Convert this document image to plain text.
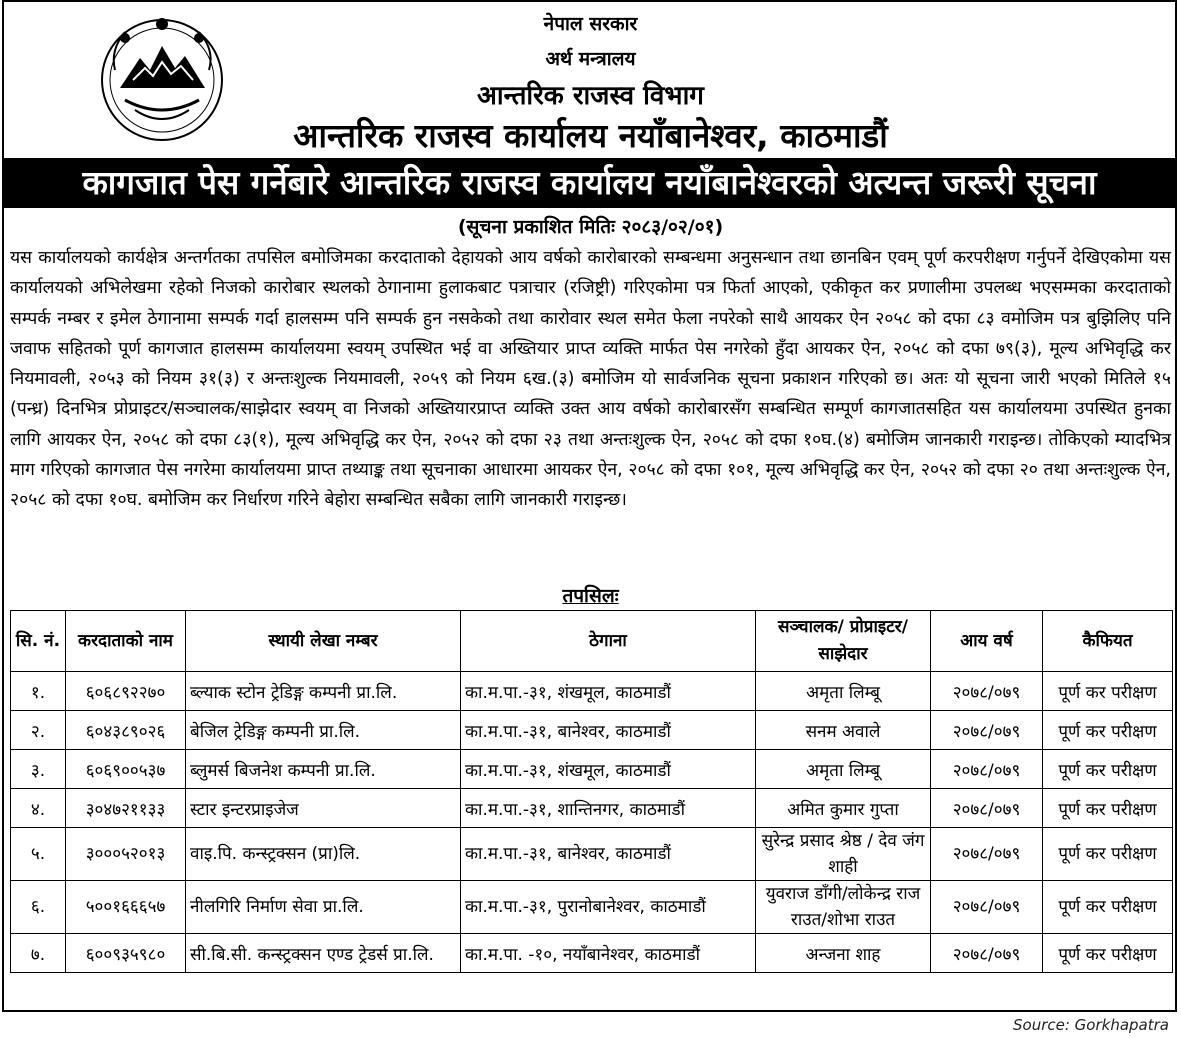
नेपाल सरकार
अर्थ मन्त्रालय
आन्तरिक राजस्व विभाग
आन्तरिक राजस्व कार्यालय नयाँबानेश्वर, काठमाडौं
कागजात पेस गर्नेबारे आन्तरिक राजस्व कार्यालय नयाँबानेश्वरको अत्यन्त जरूरी सूचना
(सूचना प्रकाशित मितिः २०८३/०२/०१)
यस कार्यालयको कार्यक्षेत्र अन्तर्गतका तपसिल बमोजिमका करदाताको देहायको आय वर्षको कारोबारको सम्बन्धमा अनुसन्धान तथा छानबिन एवम् पूर्ण करपरीक्षण गर्नुपर्ने देखिएकोमा यस कार्यालयको अभिलेखमा रहेको निजको कारोबार स्थलको ठेगानामा हुलाकबाट पत्राचार (रजिष्ट्री) गरिएकोमा पत्र फिर्ता आएको, एकीकृत कर प्रणालीमा उपलब्ध भएसम्मका करदाताको सम्पर्क नम्बर र इमेल ठेगानामा सम्पर्क गर्दा हालसम्म पनि सम्पर्क हुन नसकेको तथा कारोवार स्थल समेत फेला नपरेको साथै आयकर ऐन २०५८ को दफा ८३ वमोजिम पत्र बुझिलिए पनि जवाफ सहितको पूर्ण कागजात हालसम्म कार्यालयमा स्वयम् उपस्थित भई वा अख्तियार प्राप्त व्यक्ति मार्फत पेस नगरेको हुँदा आयकर ऐन, २०५८ को दफा ७९(३), मूल्य अभिवृद्धि कर नियमावली, २०५३ को नियम ३१(३) र अन्तःशुल्क नियमावली, २०५९ को नियम ६ख.(३) बमोजिम यो सार्वजनिक सूचना प्रकाशन गरिएको छ। अतः यो सूचना जारी भएको मितिले १५ (पन्ध्र) दिनभित्र प्रोप्राइटर/सञ्चालक/साझेदार स्वयम् वा निजको अख्तियारप्राप्त व्यक्ति उक्त आय वर्षको कारोबारसँग सम्बन्धित सम्पूर्ण कागजातसहित यस कार्यालयमा उपस्थित हुनका लागि आयकर ऐन, २०५८ को दफा ८३(१), मूल्य अभिवृद्धि कर ऐन, २०५२ को दफा २३ तथा अन्तःशुल्क ऐन, २०५८ को दफा १०घ.(४) बमोजिम जानकारी गराइन्छ। तोकिएको म्यादभित्र माग गरिएको कागजात पेस नगरेमा कार्यालयमा प्राप्त तथ्याङ्क तथा सूचनाका आधारमा आयकर ऐन, २०५८ को दफा १०१, मूल्य अभिवृद्धि कर ऐन, २०५२ को दफा २० तथा अन्तःशुल्क ऐन, २०५८ को दफा १०घ. बमोजिम कर निर्धारण गरिने बेहोरा सम्बन्धित सबैका लागि जानकारी गराइन्छ।
तपसिलः
सि. नं.	करदाताको नाम	स्थायी लेखा नम्बर	ठेगाना	सञ्चालक/ प्रोप्राइटर/ साझेदार	आय वर्ष	कैफियत
१.	६०६८९२२७०	ब्ल्याक स्टोन ट्रेडिङ्ग कम्पनी प्रा.लि.	का.म.पा.-३१, शंखमूल, काठमाडौं	अमृता लिम्बू	२०७८/०७९	पूर्ण कर परीक्षण
२.	६०४३८९०२६	बेजिल ट्रेडिङ्ग कम्पनी प्रा.लि.	का.म.पा.-३१, बानेश्वर, काठमाडौं	सनम अवाले	२०७८/०७९	पूर्ण कर परीक्षण
३.	६०६९००५३७	ब्लुमर्स बिजनेश कम्पनी प्रा.लि.	का.म.पा.-३१, शंखमूल, काठमाडौं	अमृता लिम्बू	२०७८/०७९	पूर्ण कर परीक्षण
४.	३०४७२११३३	स्टार इन्टरप्राइजेज	का.म.पा.-३१, शान्तिनगर, काठमाडौं	अमित कुमार गुप्ता	२०७८/०७९	पूर्ण कर परीक्षण
५.	३०००५२०१३	वाइ.पि. कन्स्ट्रक्सन (प्रा)लि.	का.म.पा.-३१, बानेश्वर, काठमाडौं	सुरेन्द्र प्रसाद श्रेष्ठ / देव जंग शाही	२०७८/०७९	पूर्ण कर परीक्षण
६.	५००१६६६५७	नीलगिरि निर्माण सेवा प्रा.लि.	का.म.पा.-३१, पुरानोबानेश्वर, काठमाडौं	युवराज डाँगी/लोकेन्द्र राज राउत/शोभा राउत	२०७८/०७९	पूर्ण कर परीक्षण
७.	६००९३५९८०	सी.बि.सी. कन्स्ट्रक्सन एण्ड ट्रेडर्स प्रा.लि.	का.म.पा. -१०, नयाँबानेश्वर, काठमाडौं	अन्जना शाह	२०७८/०७९	पूर्ण कर परीक्षण
Source: Gorkhapatra
